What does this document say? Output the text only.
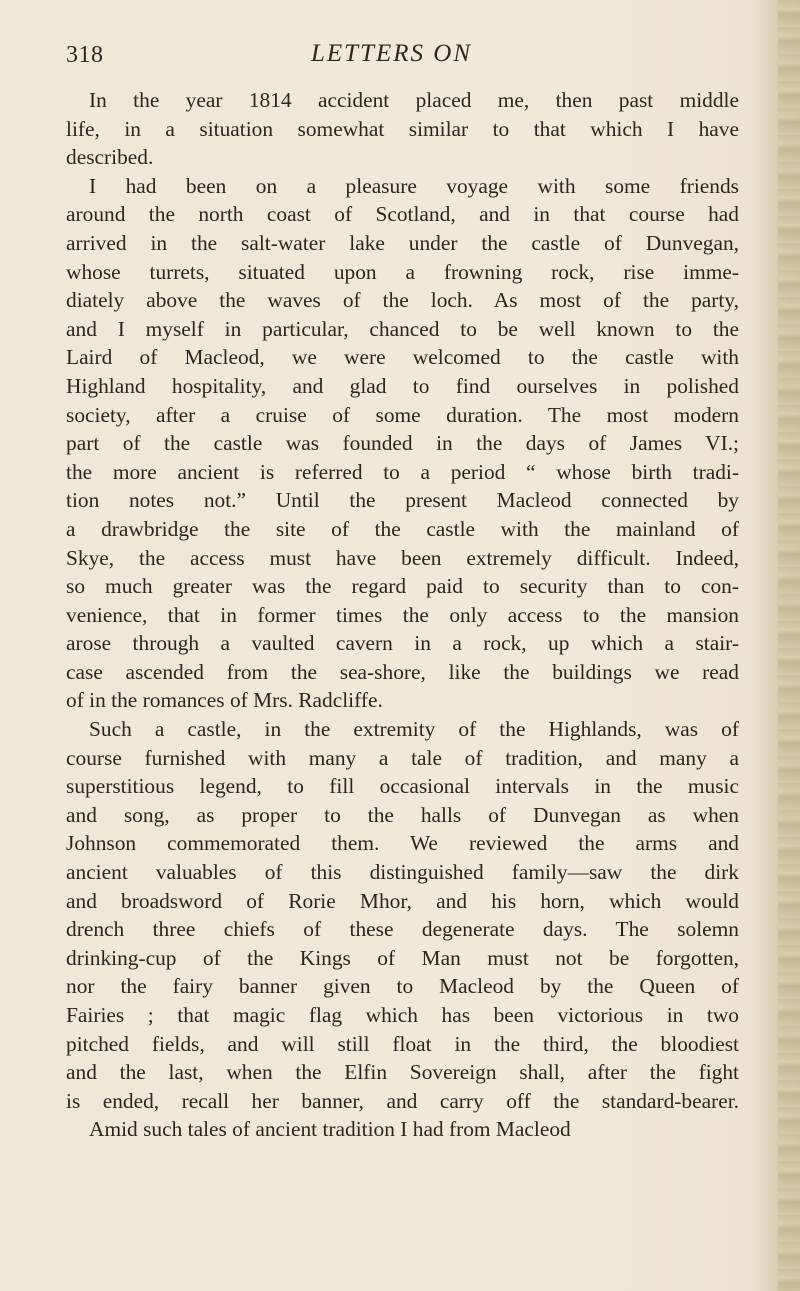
318	LETTERS ON
In the year 1814 accident placed me, then past middle
life, in a situation somewhat similar to that which I have
described.
I had been on a pleasure voyage with some friends
around the north coast of Scotland, and in that course had
arrived in the salt-water lake under the castle of Dunvegan,
whose turrets, situated upon a frowning rock, rise imme-
diately above the waves of the loch. As most of the party,
and I myself in particular, chanced to be well known to the
Laird of Macleod, we were welcomed to the castle with
Highland hospitality, and glad to find ourselves in polished
society, after a cruise of some duration. The most modern
part of the castle was founded in the days of James VI.;
the more ancient is referred to a period “ whose birth tradi-
tion notes not.” Until the present Macleod connected by
a drawbridge the site of the castle with the mainland of
Skye, the access must have been extremely difficult. Indeed,
so much greater was the regard paid to security than to con-
venience, that in former times the only access to the mansion
arose through a vaulted cavern in a rock, up which a stair-
case ascended from the sea-shore, like the buildings we read
of in the romances of Mrs. Radcliffe.
Such a castle, in the extremity of the Highlands, was of
course furnished with many a tale of tradition, and many a
superstitious legend, to fill occasional intervals in the music
and song, as proper to the halls of Dunvegan as when
Johnson commemorated them. We reviewed the arms and
ancient valuables of this distinguished family—saw the dirk
and broadsword of Rorie Mhor, and his horn, which would
drench three chiefs of these degenerate days. The solemn
drinking-cup of the Kings of Man must not be forgotten,
nor the fairy banner given to Macleod by the Queen of
Fairies ; that magic flag which has been victorious in two
pitched fields, and will still float in the third, the bloodiest
and the last, when the Elfin Sovereign shall, after the fight
is ended, recall her banner, and carry off the standard-bearer.
Amid such tales of ancient tradition I had from Macleod
